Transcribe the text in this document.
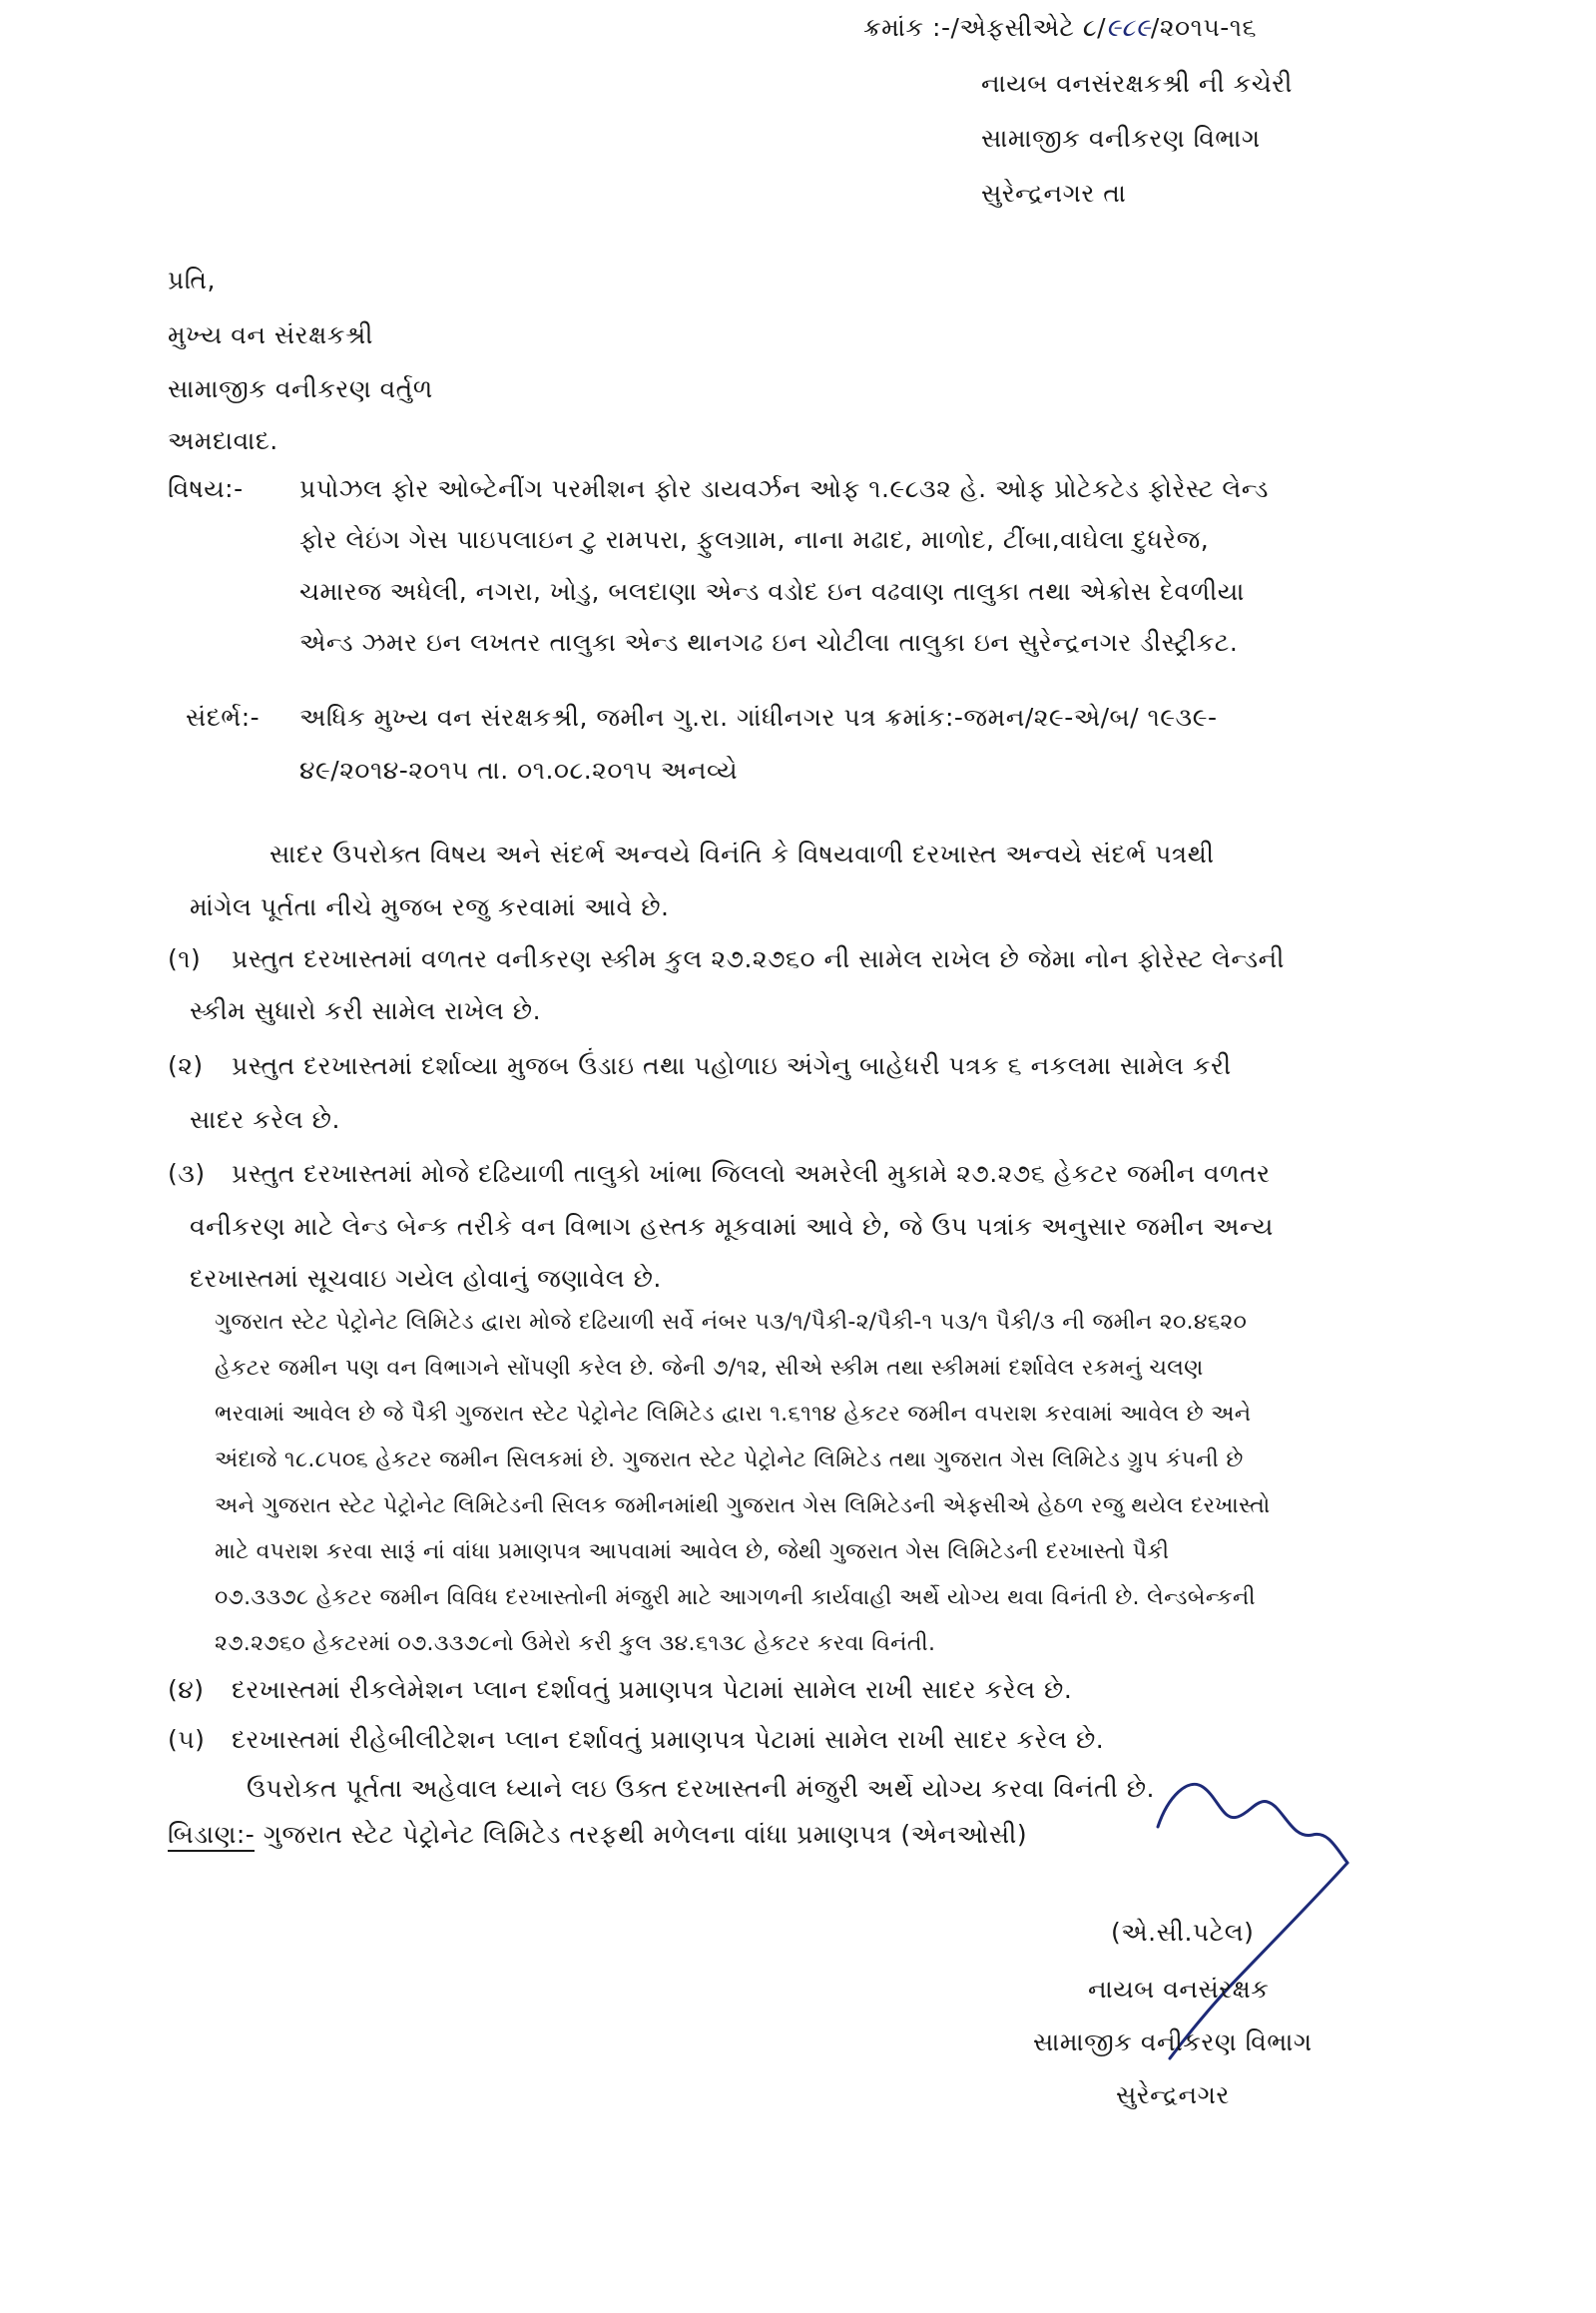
ક્રમાંક :-/એફસીએટે ૮/૯૮૯/૨૦૧૫-૧૬
નાયબ વનસંરક્ષકશ્રી ની કચેરી
સામાજીક વનીકરણ વિભાગ
સુરેન્દ્રનગર તા
પ્રતિ,
મુખ્ય વન સંરક્ષકશ્રી
સામાજીક વનીકરણ વર્તુળ
અમદાવાદ.
વિષય:- પ્રપોઝલ ફોર ઓબ્ટેનીંગ પરમીશન ફોર ડાયવર્ઝન ઓફ ૧.૯૮૩૨ હે. ઓફ પ્રોટેકટેડ ફોરેસ્ટ લેન્ડ
ફોર લેઇંગ ગેસ પાઇપલાઇન ટુ રામપરા, ફુલગ્રામ, નાના મઢાદ, માળોદ, ટીંબા,વાઘેલા દુધરેજ,
ચમારજ અધેલી, નગરા, ખોડુ, બલદાણા એન્ડ વડોદ ઇન વઢવાણ તાલુકા તથા એક્રોસ દેવળીયા
એન્ડ ઝમર ઇન લખતર તાલુકા એન્ડ થાનગઢ ઇન ચોટીલા તાલુકા ઇન સુરેન્દ્રનગર ડીસ્ટ્રીકટ.
સંદર્ભ:- અધિક મુખ્ય વન સંરક્ષકશ્રી, જમીન ગુ.રા. ગાંધીનગર પત્ર ક્રમાંક:-જમન/૨૯-એ/બ/ ૧૯૩૯-
૪૯/૨૦૧૪-૨૦૧૫ તા. ૦૧.૦૮.૨૦૧૫ અનવ્યે
સાદર ઉપરોક્ત વિષય અને સંદર્ભ અન્વયે વિનંતિ કે વિષયવાળી દરખાસ્ત અન્વયે સંદર્ભ પત્રથી
માંગેલ પૂર્તતા નીચે મુજબ રજુ કરવામાં આવે છે.
(૧) પ્રસ્તુત દરખાસ્તમાં વળતર વનીકરણ સ્કીમ કુલ ૨૭.૨૭૬૦ ની સામેલ રાખેલ છે જેમા નોન ફોરેસ્ટ લેન્ડની
સ્કીમ સુધારો કરી સામેલ રાખેલ છે.
(૨) પ્રસ્તુત દરખાસ્તમાં દર્શાવ્યા મુજબ ઉંડાઇ તથા પહોળાઇ અંગેનુ બાહેધરી પત્રક ૬ નકલમા સામેલ કરી
સાદર કરેલ છે.
(૩) પ્રસ્તુત દરખાસ્તમાં મોજે દઢિયાળી તાલુકો ખાંભા જિલલો અમરેલી મુકામે ૨૭.૨૭૬ હેકટર જમીન વળતર
વનીકરણ માટે લેન્ડ બેન્ક તરીકે વન વિભાગ હસ્તક મૂકવામાં આવે છે, જે ઉપ પત્રાંક અનુસાર જમીન અન્ય
દરખાસ્તમાં સૂચવાઇ ગયેલ હોવાનું જણાવેલ છે.
ગુજરાત સ્ટેટ પેટ્રોનેટ લિમિટેડ દ્વારા મોજે દઢિયાળી સર્વે નંબર ૫૩/૧/પૈકી-૨/પૈકી-૧ ૫૩/૧ પૈકી/૩ ની જમીન ૨૦.૪૬૨૦
હેકટર જમીન પણ વન વિભાગને સોંપણી કરેલ છે. જેની ૭/૧૨, સીએ સ્કીમ તથા સ્કીમમાં દર્શાવેલ રકમનું ચલણ
ભરવામાં આવેલ છે જે પૈકી ગુજરાત સ્ટેટ પેટ્રોનેટ લિમિટેડ દ્વારા ૧.૬૧૧૪ હેકટર જમીન વપરાશ કરવામાં આવેલ છે અને
અંદાજે ૧૮.૮૫૦૬ હેકટર જમીન સિલકમાં છે. ગુજરાત સ્ટેટ પેટ્રોનેટ લિમિટેડ તથા ગુજરાત ગેસ લિમિટેડ ગ્રુપ કંપની છે
અને ગુજરાત સ્ટેટ પેટ્રોનેટ લિમિટેડની સિલક જમીનમાંથી ગુજરાત ગેસ લિમિટેડની એફસીએ હેઠળ રજુ થયેલ દરખાસ્તો
માટે વપરાશ કરવા સારૂં નાં વાંધા પ્રમાણપત્ર આપવામાં આવેલ છે, જેથી ગુજરાત ગેસ લિમિટેડની દરખાસ્તો પૈકી
૦૭.૩૩૭૮ હેકટર જમીન વિવિધ દરખાસ્તોની મંજુરી માટે આગળની કાર્યવાહી અર્થે યોગ્ય થવા વિનંતી છે. લેન્ડબેન્કની
૨૭.૨૭૬૦ હેકટરમાં ૦૭.૩૩૭૮નો ઉમેરો કરી કુલ ૩૪.૬૧૩૮ હેકટર કરવા વિનંતી.
(૪) દરખાસ્તમાં રીકલેમેશન પ્લાન દર્શાવતું પ્રમાણપત્ર પેટામાં સામેલ રાખી સાદર કરેલ છે.
(૫) દરખાસ્તમાં રીહેબીલીટેશન પ્લાન દર્શાવતું પ્રમાણપત્ર પેટામાં સામેલ રાખી સાદર કરેલ છે.
ઉપરોકત પૂર્તતા અહેવાલ ધ્યાને લઇ ઉક્ત દરખાસ્તની મંજુરી અર્થે યોગ્ય કરવા વિનંતી છે.
બિડાણ:- ગુજરાત સ્ટેટ પેટ્રોનેટ લિમિટેડ તરફથી મળેલના વાંધા પ્રમાણપત્ર (એનઓસી)
(એ.સી.પટેલ)
નાયબ વનસંરક્ષક
સામાજીક વનીકરણ વિભાગ
સુરેન્દ્રનગર
